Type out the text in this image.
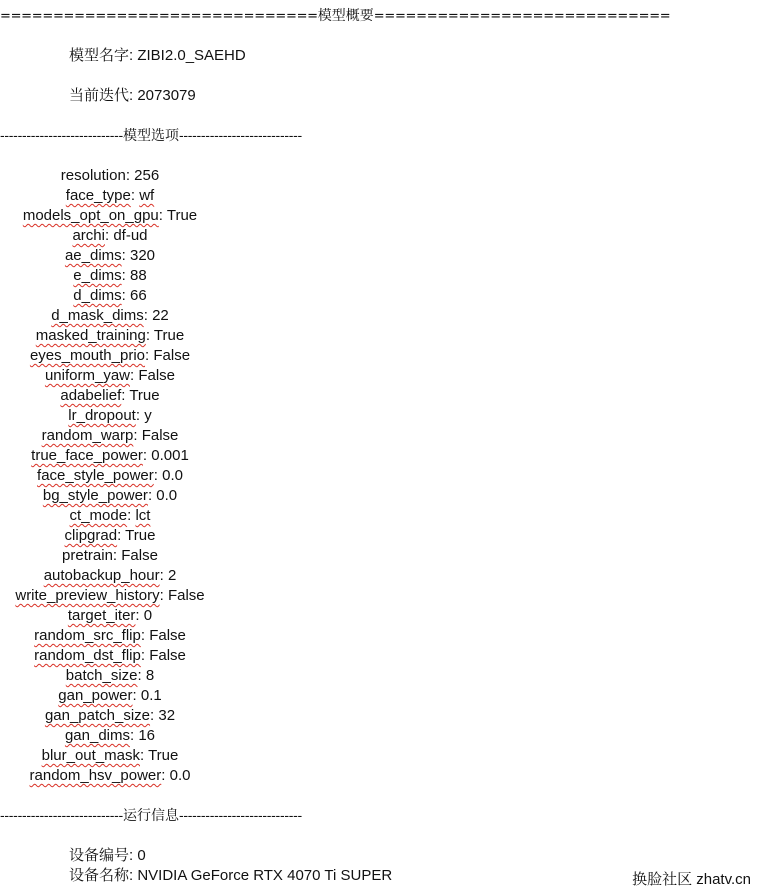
==============================模型概要============================
模型名字: ZIBI2.0_SAEHD
当前迭代: 2073079
----------------------------模型选项----------------------------
resolution: 256
face_type: wf
models_opt_on_gpu: True
archi: df-ud
ae_dims: 320
e_dims: 88
d_dims: 66
d_mask_dims: 22
masked_training: True
eyes_mouth_prio: False
uniform_yaw: False
adabelief: True
lr_dropout: y
random_warp: False
true_face_power: 0.001
face_style_power: 0.0
bg_style_power: 0.0
ct_mode: lct
clipgrad: True
pretrain: False
autobackup_hour: 2
write_preview_history: False
target_iter: 0
random_src_flip: False
random_dst_flip: False
batch_size: 8
gan_power: 0.1
gan_patch_size: 32
gan_dims: 16
blur_out_mask: True
random_hsv_power: 0.0
----------------------------运行信息----------------------------
设备编号: 0
设备名称: NVIDIA GeForce RTX 4070 Ti SUPER	换脸社区 zhatv.cn
